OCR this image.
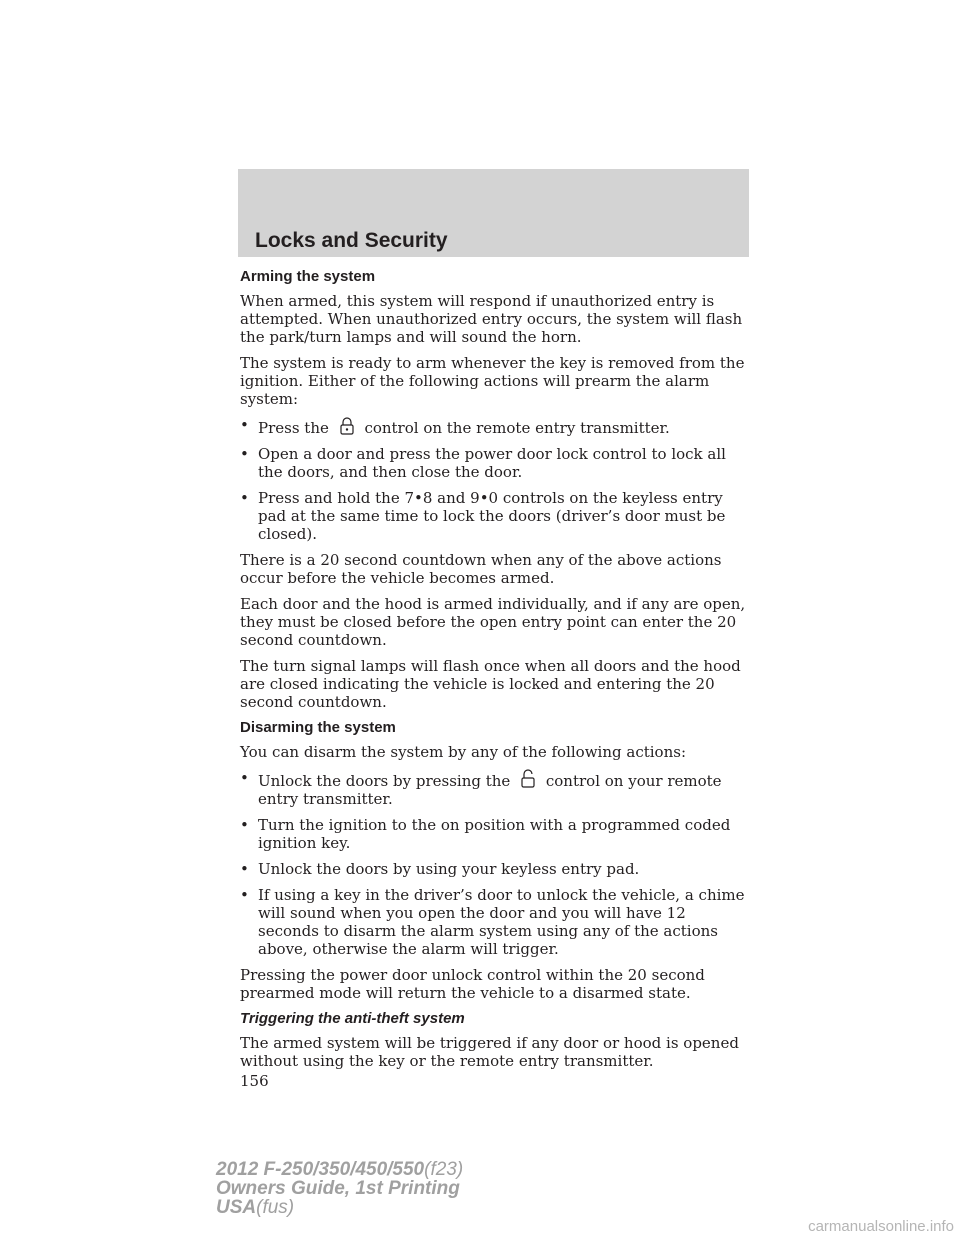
Locks and Security
Arming the system

When armed, this system will respond if unauthorized entry is attempted. When unauthorized entry occurs, the system will flash the park/turn lamps and will sound the horn.

The system is ready to arm whenever the key is removed from the ignition. Either of the following actions will prearm the alarm system:

•
Press the control on the remote entry transmitter.
•
Open a door and press the power door lock control to lock all the doors, and then close the door.
•
Press and hold the 7•8 and 9•0 controls on the keyless entry pad at the same time to lock the doors (driver’s door must be closed).

There is a 20 second countdown when any of the above actions occur before the vehicle becomes armed.

Each door and the hood is armed individually, and if any are open, they must be closed before the open entry point can enter the 20 second countdown.

The turn signal lamps will flash once when all doors and the hood are closed indicating the vehicle is locked and entering the 20 second countdown.

Disarming the system

You can disarm the system by any of the following actions:

•
Unlock the doors by pressing the control on your remote entry transmitter.
•
Turn the ignition to the on position with a programmed coded ignition key.
•
Unlock the doors by using your keyless entry pad.
•
If using a key in the driver’s door to unlock the vehicle, a chime will sound when you open the door and you will have 12 seconds to disarm the alarm system using any of the actions above, otherwise the alarm will trigger.

Pressing the power door unlock control within the 20 second prearmed mode will return the vehicle to a disarmed state.

Triggering the anti-theft system

The armed system will be triggered if any door or hood is opened without using the key or the remote entry transmitter.

156
2012 F-250/350/450/550(f23)
Owners Guide, 1st Printing
USA(fus)
carmanualsonline.info
